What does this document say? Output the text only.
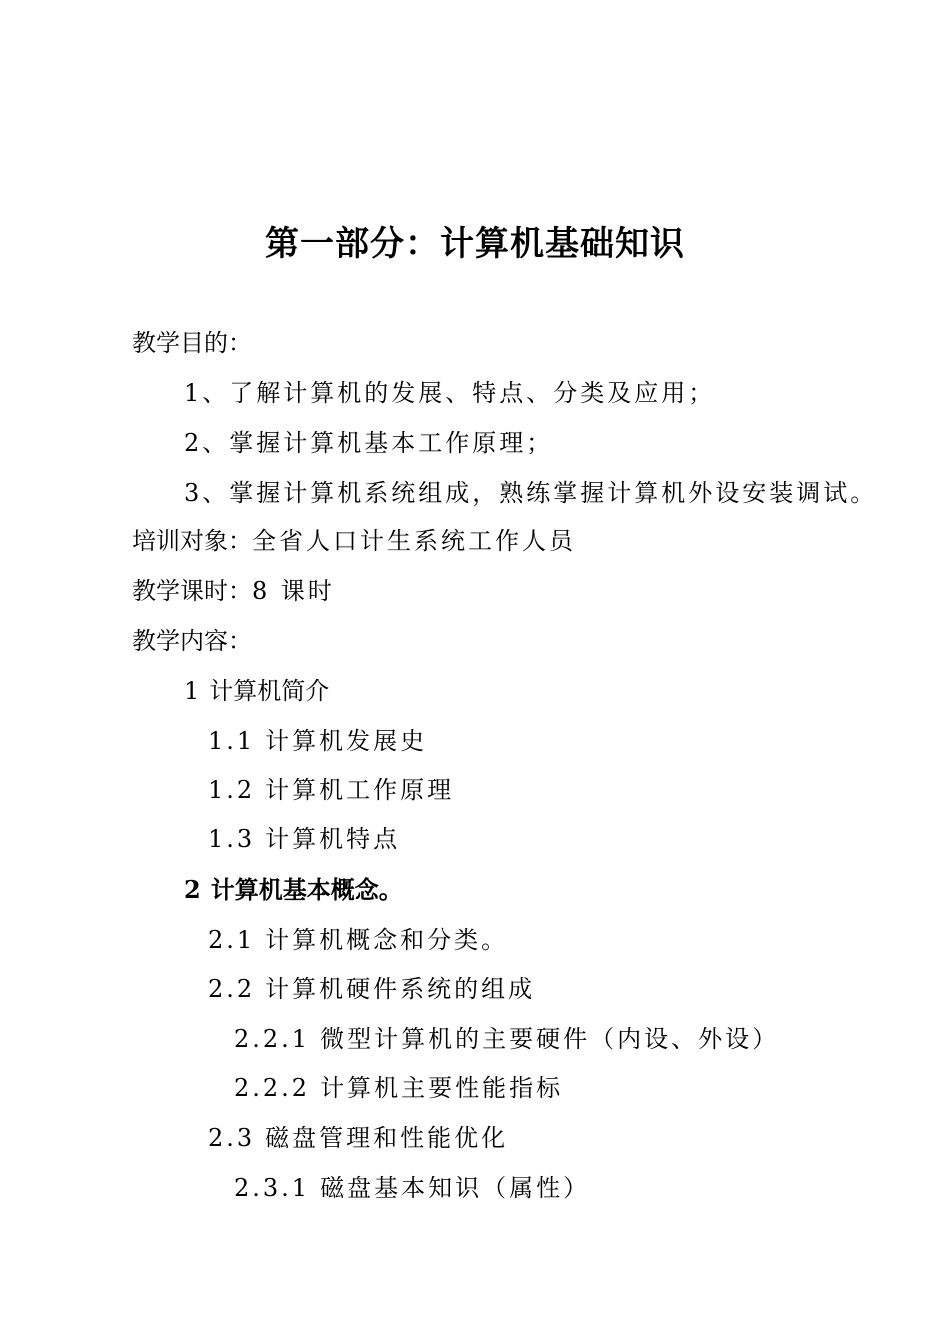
第一部分：计算机基础知识
教学目的：
1、了解计算机的发展、特点、分类及应用；
2、掌握计算机基本工作原理；
3、掌握计算机系统组成，熟练掌握计算机外设安装调试。
培训对象：全省人口计生系统工作人员
教学课时：8 课时
教学内容：
1 计算机简介
1.1 计算机发展史
1.2 计算机工作原理
1.3 计算机特点
2 计算机基本概念。
2.1 计算机概念和分类。
2.2 计算机硬件系统的组成
2.2.1 微型计算机的主要硬件（内设、外设）
2.2.2 计算机主要性能指标
2.3 磁盘管理和性能优化
2.3.1 磁盘基本知识（属性）
